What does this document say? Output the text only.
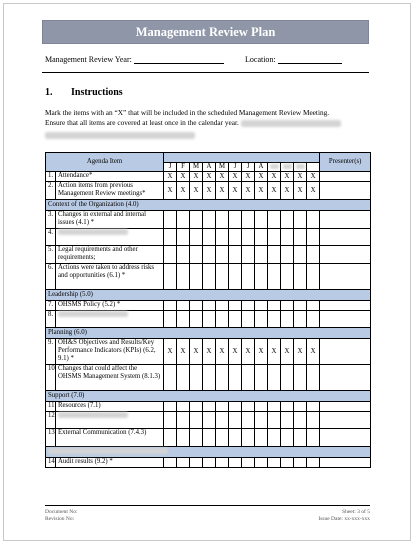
Management Review Plan
Management Review Year:	Location:
1. Instructions
Mark the items with an “X” that will be included in the scheduled Management Review Meeting.
Ensure that all items are covered at least once in the calendar year.
Agenda Item														Presenter(s)
		J	F	M	A	M	J	J	A					
1.	Attendance*	X	X	X	X	X	X	X	X	X	X	X	X	
2.	Action items from previous Management Review meetings*	X	X	X	X	X	X	X	X	X	X	X	X	
Context of the Organization (4.0)														
3.	Changes in external and internal issues (4.1) *													
4.														
5.	Legal requirements and other requirements;													
6.	Actions were taken to address risks and opportunities (6.1) *													
Leadership (5.0)														
7.	OHSMS Policy (5.2) *													
8.														
Planning (6.0)														
9.	OH&S Objectives and Results/Key Performance Indicators (KPIs) (6.2, 9.1) *	X	X	X	X	X	X	X	X	X	X	X	X	
10.	Changes that could affect the OHSMS Management System (8.1.3)													
Support (7.0)														
11.	Resources (7.1)													
12.														
13.	External Communication (7.4.3)													

14.	Audit results (9.2) *													
Sheet: 3 of 5
Issue Date: xx-xxx-xxx
Document No:
Revision No:
